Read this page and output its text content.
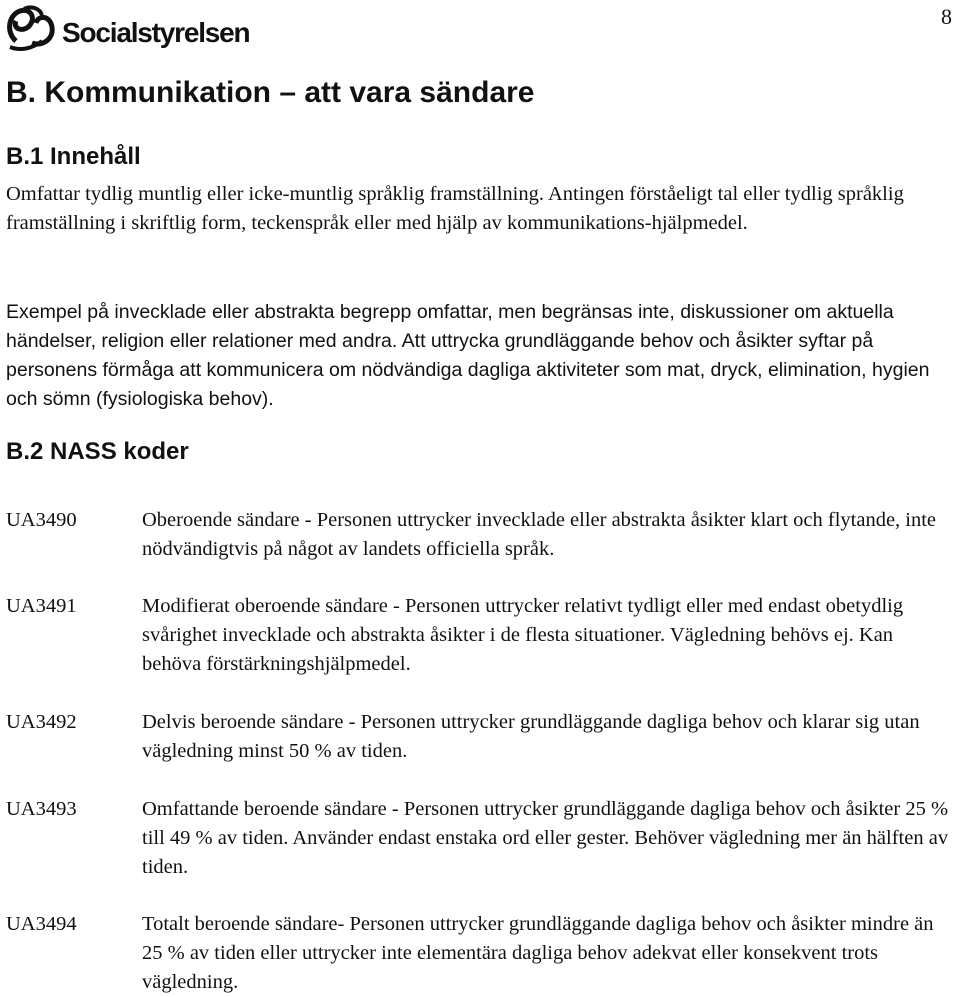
Socialstyrelsen
8
B. Kommunikation – att vara sändare
B.1 Innehåll

Omfattar tydlig muntlig eller icke-muntlig språklig framställning. Antingen förståeligt tal eller tydlig språklig framställning i skriftlig form, teckenspråk eller med hjälp av kommunikations-hjälpmedel.

Exempel på invecklade eller abstrakta begrepp omfattar, men begränsas inte, diskussioner om aktuella händelser, religion eller relationer med andra. Att uttrycka grundläggande behov och åsikter syftar på personens förmåga att kommunicera om nödvändiga dagliga aktiviteter som mat, dryck, elimination, hygien och sömn (fysiologiska behov).

B.2 NASS koder
UA3490	Oberoende sändare - Personen uttrycker invecklade eller abstrakta åsikter klart och flytande, inte nödvändigtvis på något av landets officiella språk.
UA3491	Modifierat oberoende sändare - Personen uttrycker relativt tydligt eller med endast obetydlig svårighet invecklade och abstrakta åsikter i de flesta situationer. Vägledning behövs ej. Kan behöva förstärkningshjälpmedel.
UA3492	Delvis beroende sändare - Personen uttrycker grundläggande dagliga behov och klarar sig utan vägledning minst 50 % av tiden.
UA3493	Omfattande beroende sändare - Personen uttrycker grundläggande dagliga behov och åsikter 25 % till 49 % av tiden. Använder endast enstaka ord eller gester. Behöver vägledning mer än hälften av tiden.
UA3494	Totalt beroende sändare- Personen uttrycker grundläggande dagliga behov och åsikter mindre än 25 % av tiden eller uttrycker inte elementära dagliga behov adekvat eller konsekvent trots vägledning.
